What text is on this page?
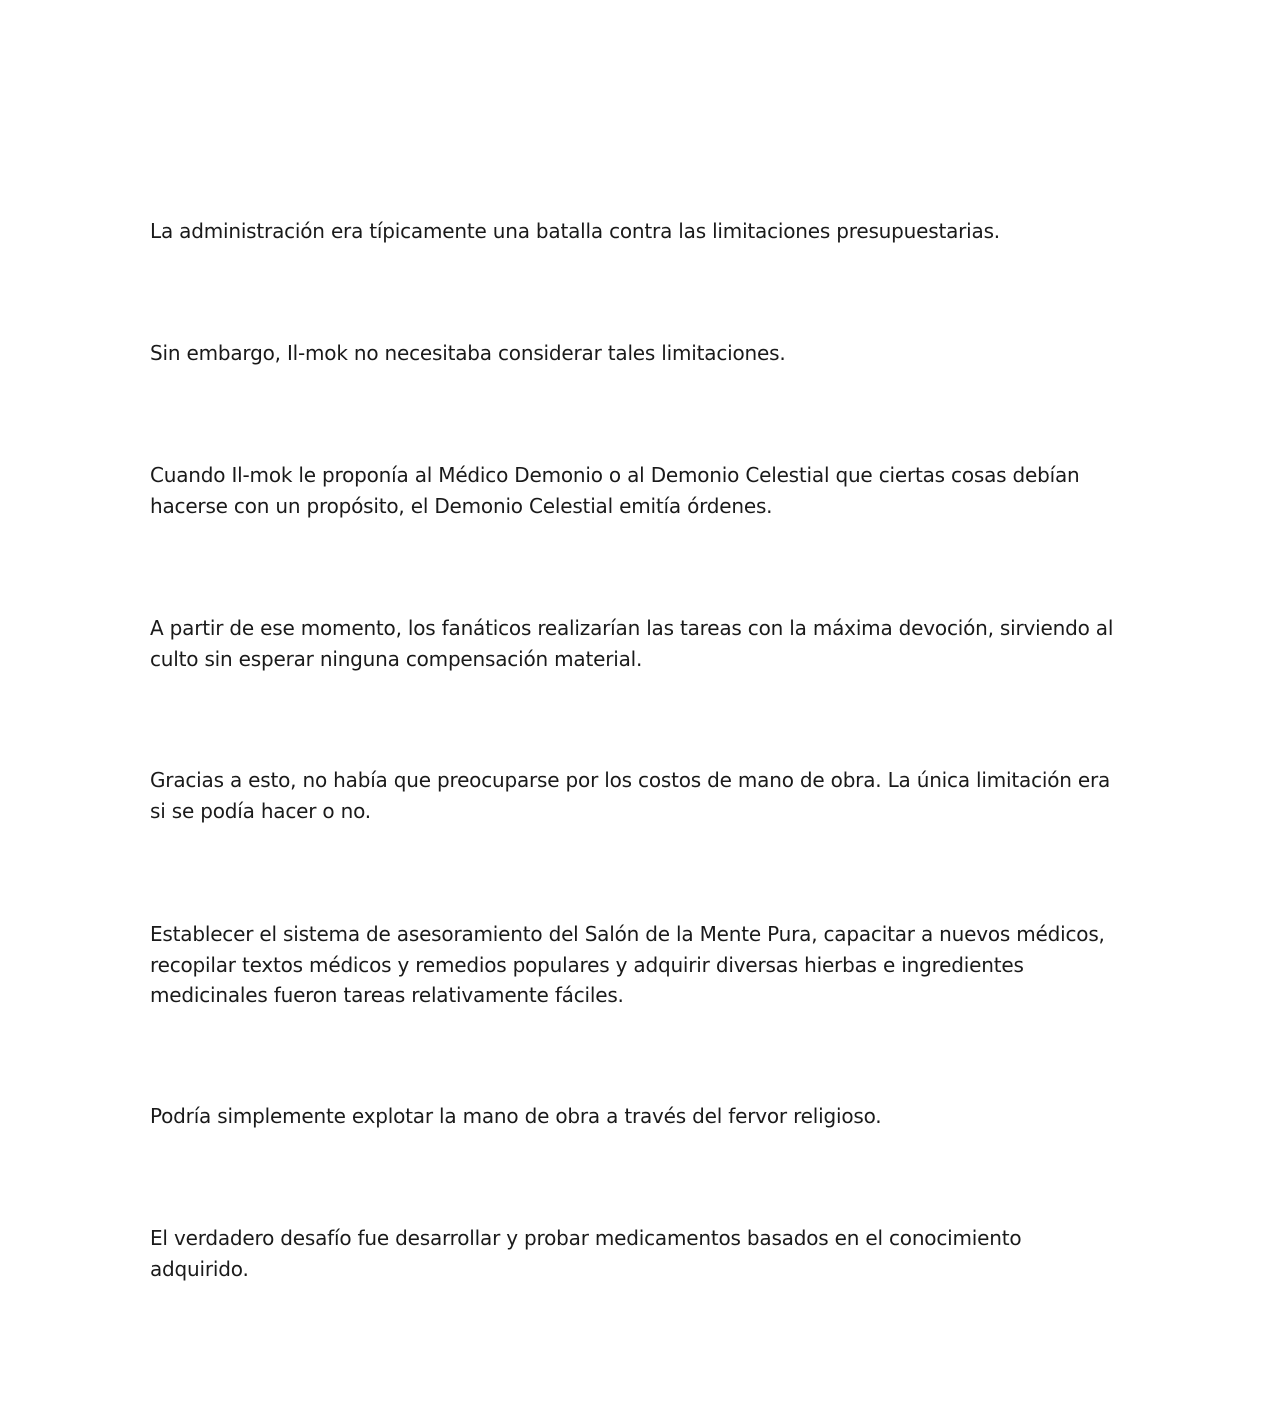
La administración era típicamente una batalla contra las limitaciones presupuestarias.

Sin embargo, Il-mok no necesitaba considerar tales limitaciones.

Cuando Il-mok le proponía al Médico Demonio o al Demonio Celestial que ciertas cosas debían hacerse con un propósito, el Demonio Celestial emitía órdenes.

A partir de ese momento, los fanáticos realizarían las tareas con la máxima devoción, sirviendo al culto sin esperar ninguna compensación material.

Gracias a esto, no había que preocuparse por los costos de mano de obra. La única limitación era si se podía hacer o no.

Establecer el sistema de asesoramiento del Salón de la Mente Pura, capacitar a nuevos médicos, recopilar textos médicos y remedios populares y adquirir diversas hierbas e ingredientes medicinales fueron tareas relativamente fáciles.

Podría simplemente explotar la mano de obra a través del fervor religioso.

El verdadero desafío fue desarrollar y probar medicamentos basados en el conocimiento adquirido.
